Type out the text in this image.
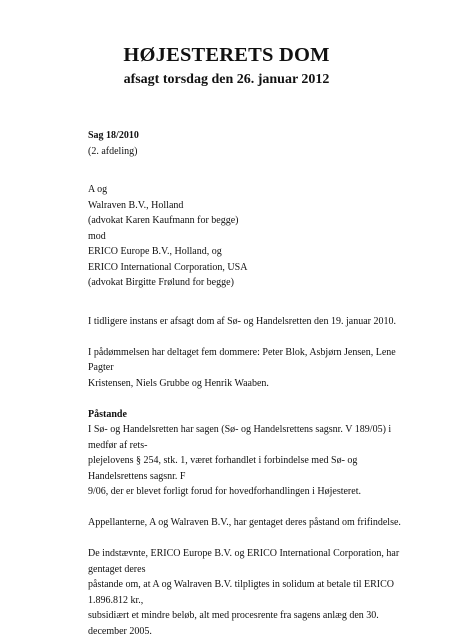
HØJESTERETS DOM
afsagt torsdag den 26. januar 2012

Sag 18/2010

(2. afdeling)

A og

Walraven B.V., Holland

(advokat Karen Kaufmann for begge)

mod

ERICO Europe B.V., Holland, og

ERICO International Corporation, USA

(advokat Birgitte Frølund for begge)

I tidligere instans er afsagt dom af Sø- og Handelsretten den 19. januar 2010.

I pådømmelsen har deltaget fem dommere: Peter Blok, Asbjørn Jensen, Lene Pagter

Kristensen, Niels Grubbe og Henrik Waaben.

Påstande

I Sø- og Handelsretten har sagen (Sø- og Handelsrettens sagsnr. V 189/05) i medfør af rets-

plejelovens § 254, stk. 1, været forhandlet i forbindelse med Sø- og Handelsrettens sagsnr. F

9/06, der er blevet forligt forud for hovedforhandlingen i Højesteret.

Appellanterne, A og Walraven B.V., har gentaget deres påstand om frifindelse.

De indstævnte, ERICO Europe B.V. og ERICO International Corporation, har gentaget deres

påstande om, at A og Walraven B.V. tilpligtes in solidum at betale til ERICO 1.896.812 kr.,

subsidiært et mindre beløb, alt med procesrente fra sagens anlæg den 30. december 2005.
